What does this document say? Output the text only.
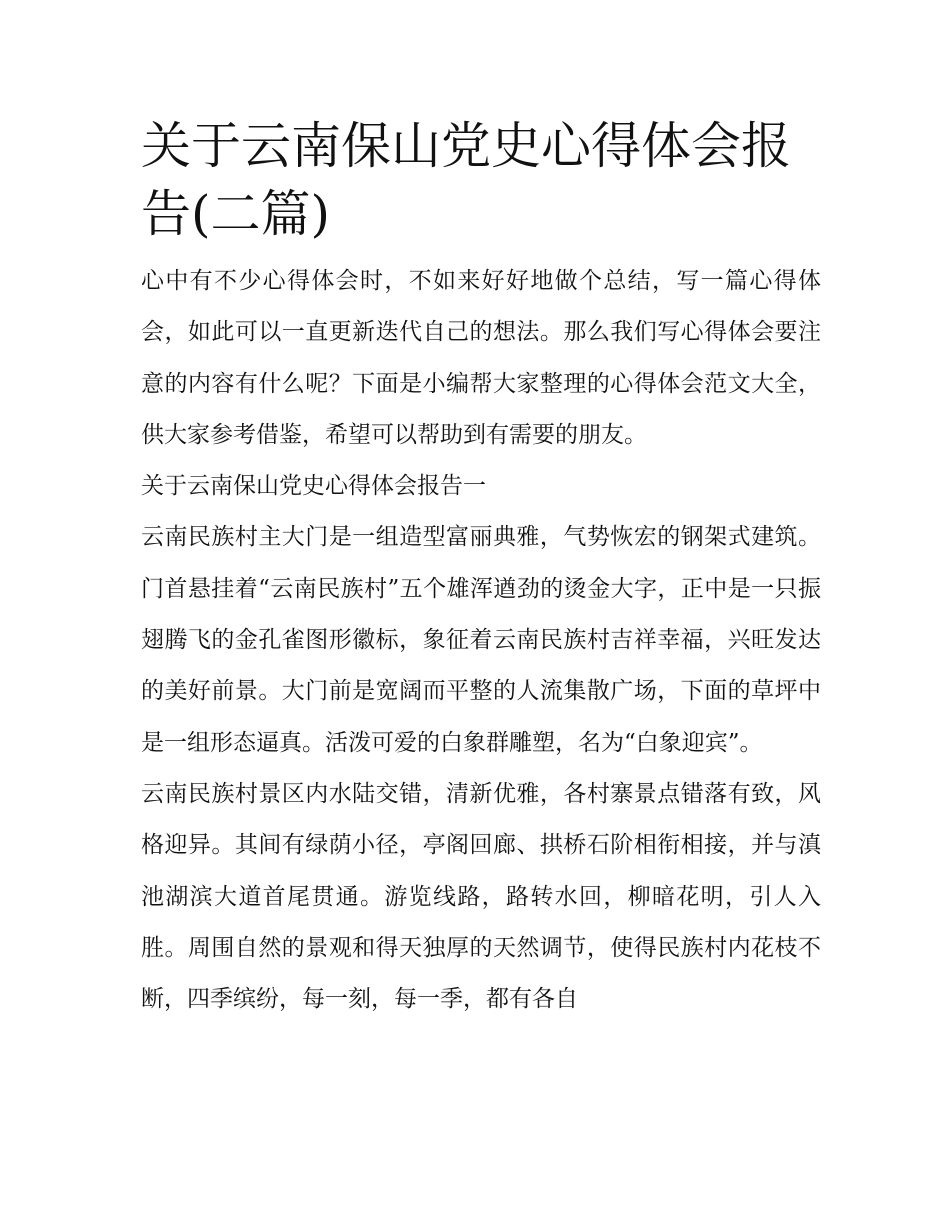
关于云南保山党史心得体会报告(二篇)

心中有不少心得体会时，不如来好好地做个总结，写一篇心得体会，如此可以一直更新迭代自己的想法。那么我们写心得体会要注意的内容有什么呢？下面是小编帮大家整理的心得体会范文大全，供大家参考借鉴，希望可以帮助到有需要的朋友。

关于云南保山党史心得体会报告一

云南民族村主大门是一组造型富丽典雅，气势恢宏的钢架式建筑。门首悬挂着“云南民族村”五个雄浑遒劲的烫金大字，正中是一只振翅腾飞的金孔雀图形徽标，象征着云南民族村吉祥幸福，兴旺发达的美好前景。大门前是宽阔而平整的人流集散广场，下面的草坪中是一组形态逼真。活泼可爱的白象群雕塑，名为“白象迎宾”。

云南民族村景区内水陆交错，清新优雅，各村寨景点错落有致，风格迎异。其间有绿荫小径，亭阁回廊、拱桥石阶相衔相接，并与滇池湖滨大道首尾贯通。游览线路，路转水回，柳暗花明，引人入胜。周围自然的景观和得天独厚的天然调节，使得民族村内花枝不断，四季缤纷，每一刻，每一季，都有各自
